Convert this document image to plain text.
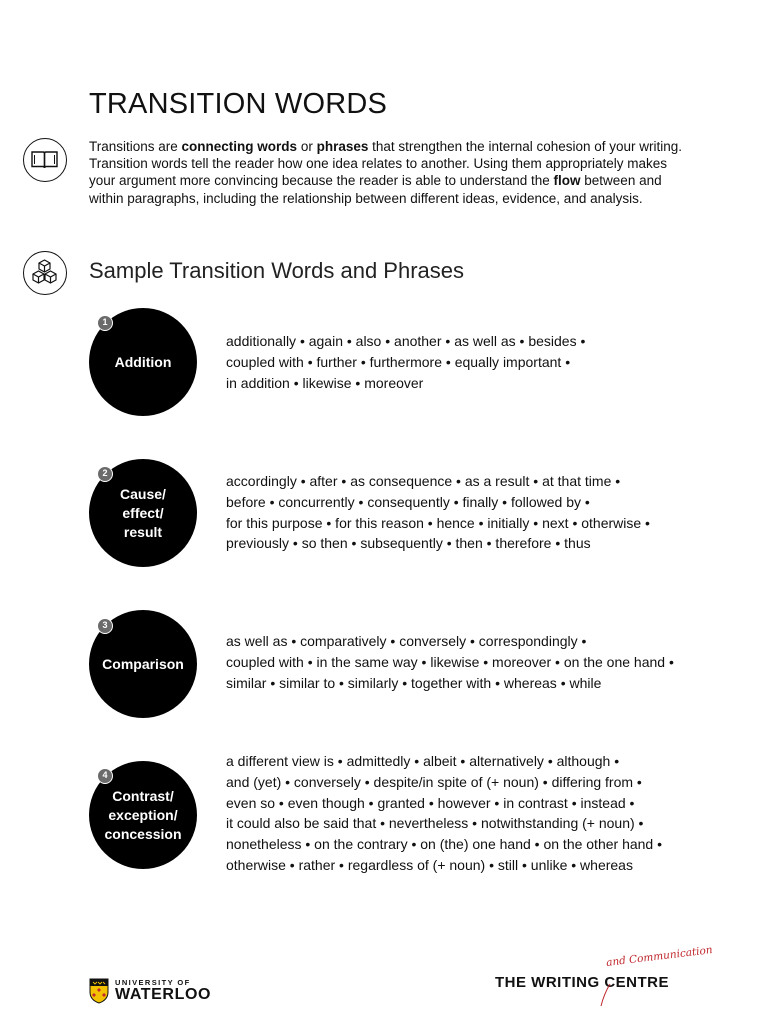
TRANSITION WORDS

Transitions are connecting words or phrases that strengthen the internal cohesion of your writing. Transition words tell the reader how one idea relates to another. Using them appropriately makes your argument more convincing because the reader is able to understand the flow between and within paragraphs, including the relationship between different ideas, evidence, and analysis.

Sample Transition Words and Phrases
Addition
1
additionally • again • also • another • as well as • besides •
coupled with • further • furthermore • equally important •
in addition • likewise • moreover
Cause/
effect/
result
2	accordingly • after • as consequence • as a result • at that time •
before • concurrently • consequently • finally • followed by •
for this purpose • for this reason • hence • initially • next • otherwise •
previously • so then • subsequently • then • therefore • thus
Comparison
3
as well as • comparatively • conversely • correspondingly •
coupled with • in the same way • likewise • moreover • on the one hand •
similar • similar to • similarly • together with • whereas • while
Contrast/
exception/
concession
4
a different view is • admittedly • albeit • alternatively • although •
and (yet) • conversely • despite/in spite of (+ noun) • differing from •
even so • even though • granted • however • in contrast • instead •
it could also be said that • nevertheless • notwithstanding (+ noun) •
nonetheless • on the contrary • on (the) one hand • on the other hand •
otherwise • rather • regardless of (+ noun) • still • unlike • whereas
UNIVERSITY OF
WATERLOO
THE WRITING CENTRE
and Communication
